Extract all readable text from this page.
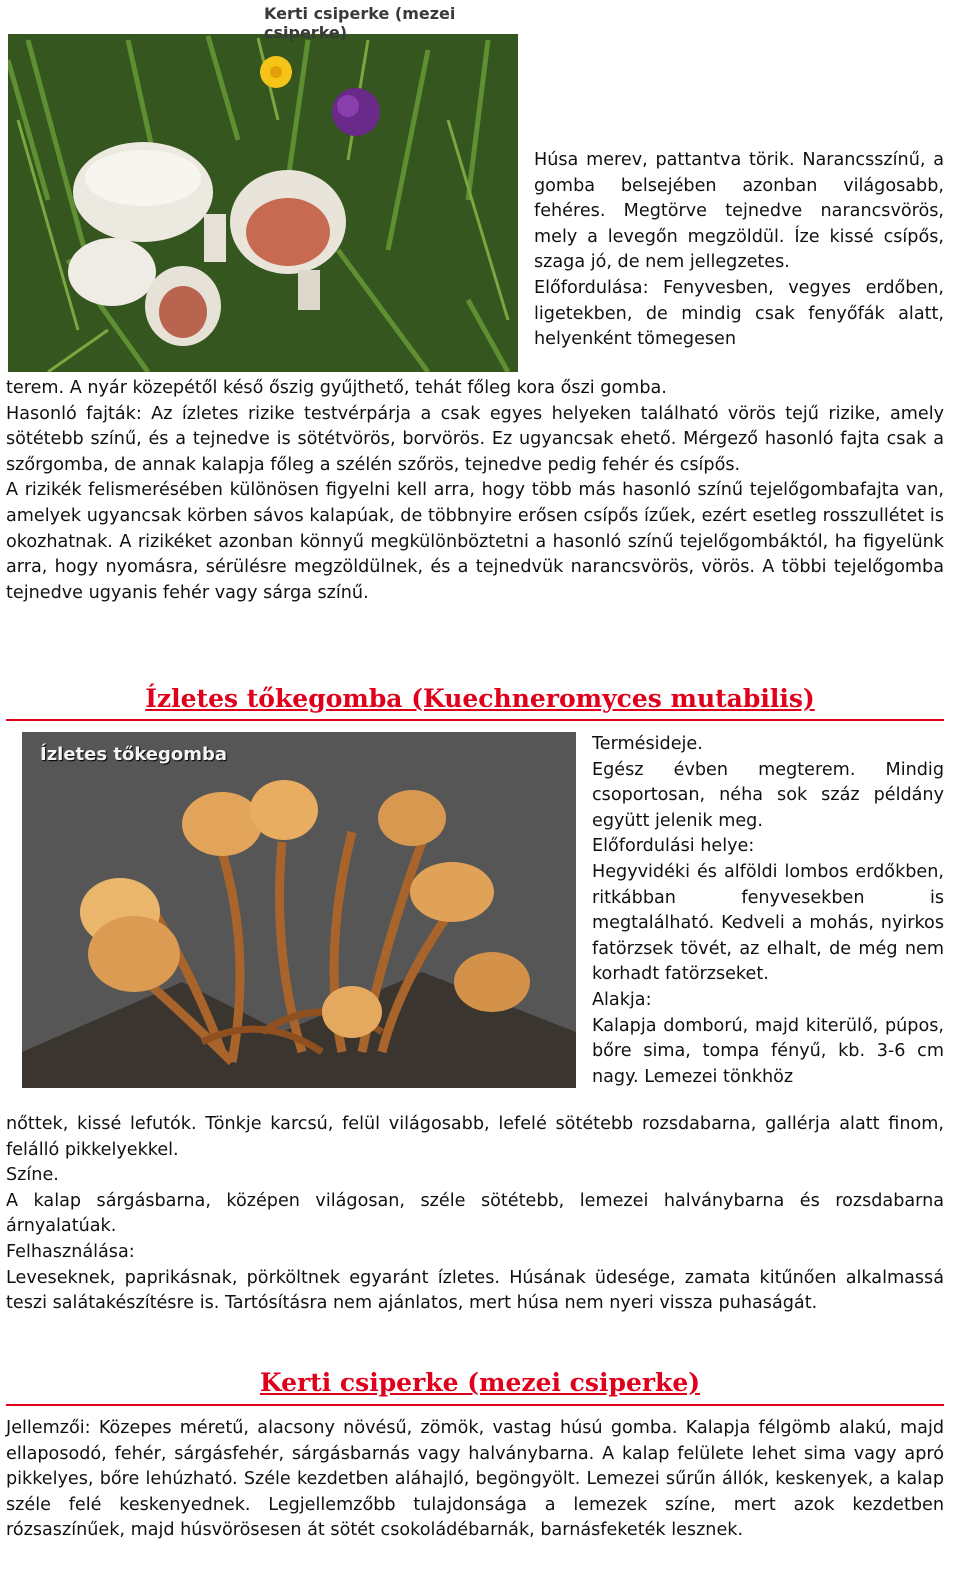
Kerti csiperke (mezei csiperke)

Húsa merev, pattantva törik. Narancsszínű, a gomba belsejében azonban világosabb, fehéres. Megtörve tejnedve narancsvörös, mely a levegőn megzöldül. Íze kissé csípős, szaga jó, de nem jellegzetes.

Előfordulása: Fenyvesben, vegyes erdőben, ligetekben, de mindig csak fenyőfák alatt, helyenként tömegesen

terem. A nyár közepétől késő őszig gyűjthető, tehát főleg kora őszi gomba.

Hasonló fajták: Az ízletes rizike testvérpárja a csak egyes helyeken található vörös tejű rizike, amely sötétebb színű, és a tejnedve is sötétvörös, borvörös. Ez ugyancsak ehető. Mérgező hasonló fajta csak a szőrgomba, de annak kalapja főleg a szélén szőrös, tejnedve pedig fehér és csípős.

A rizikék felismerésében különösen figyelni kell arra, hogy több más hasonló színű tejelőgombafajta van, amelyek ugyancsak körben sávos kalapúak, de többnyire erősen csípős ízűek, ezért esetleg rosszullétet is okozhatnak. A rizikéket azonban könnyű megkülönböztetni a hasonló színű tejelőgombáktól, ha figyelünk arra, hogy nyomásra, sérülésre megzöldülnek, és a tejnedvük narancsvörös, vörös. A többi tejelőgomba tejnedve ugyanis fehér vagy sárga színű.

Ízletes tőkegomba (Kuechneromyces mutabilis)
Ízletes tőkegomba	Termésideje.

Egész évben megterem. Mindig csoportosan, néha sok száz példány együtt jelenik meg.

Előfordulási helye:

Hegyvidéki és alföldi lombos erdőkben, ritkábban fenyvesekben is megtalálható. Kedveli a mohás, nyirkos fatörzsek tövét, az elhalt, de még nem korhadt fatörzseket.

Alakja:

Kalapja domború, majd kiterülő, púpos, bőre sima, tompa fényű, kb. 3-6 cm nagy. Lemezei tönkhöz

nőttek, kissé lefutók. Tönkje karcsú, felül világosabb, lefelé sötétebb rozsdabarna, gallérja alatt finom, felálló pikkelyekkel.

Színe.

A kalap sárgásbarna, középen világosan, széle sötétebb, lemezei halványbarna és rozsdabarna árnyalatúak.

Felhasználása:

Leveseknek, paprikásnak, pörköltnek egyaránt ízletes. Húsának üdesége, zamata kitűnően alkalmassá teszi salátakészítésre is. Tartósításra nem ajánlatos, mert húsa nem nyeri vissza puhaságát.

Kerti csiperke (mezei csiperke)

Jellemzői: Közepes méretű, alacsony növésű, zömök, vastag húsú gomba. Kalapja félgömb alakú, majd ellaposodó, fehér, sárgásfehér, sárgásbarnás vagy halványbarna. A kalap felülete lehet sima vagy apró pikkelyes, bőre lehúzható. Széle kezdetben aláhajló, begöngyölt. Lemezei sűrűn állók, keskenyek, a kalap széle felé keskenyednek. Legjellemzőbb tulajdonsága a lemezek színe, mert azok kezdetben rózsaszínűek, majd húsvörösesen át sötét csokoládébarnák, barnásfeketék lesznek.
